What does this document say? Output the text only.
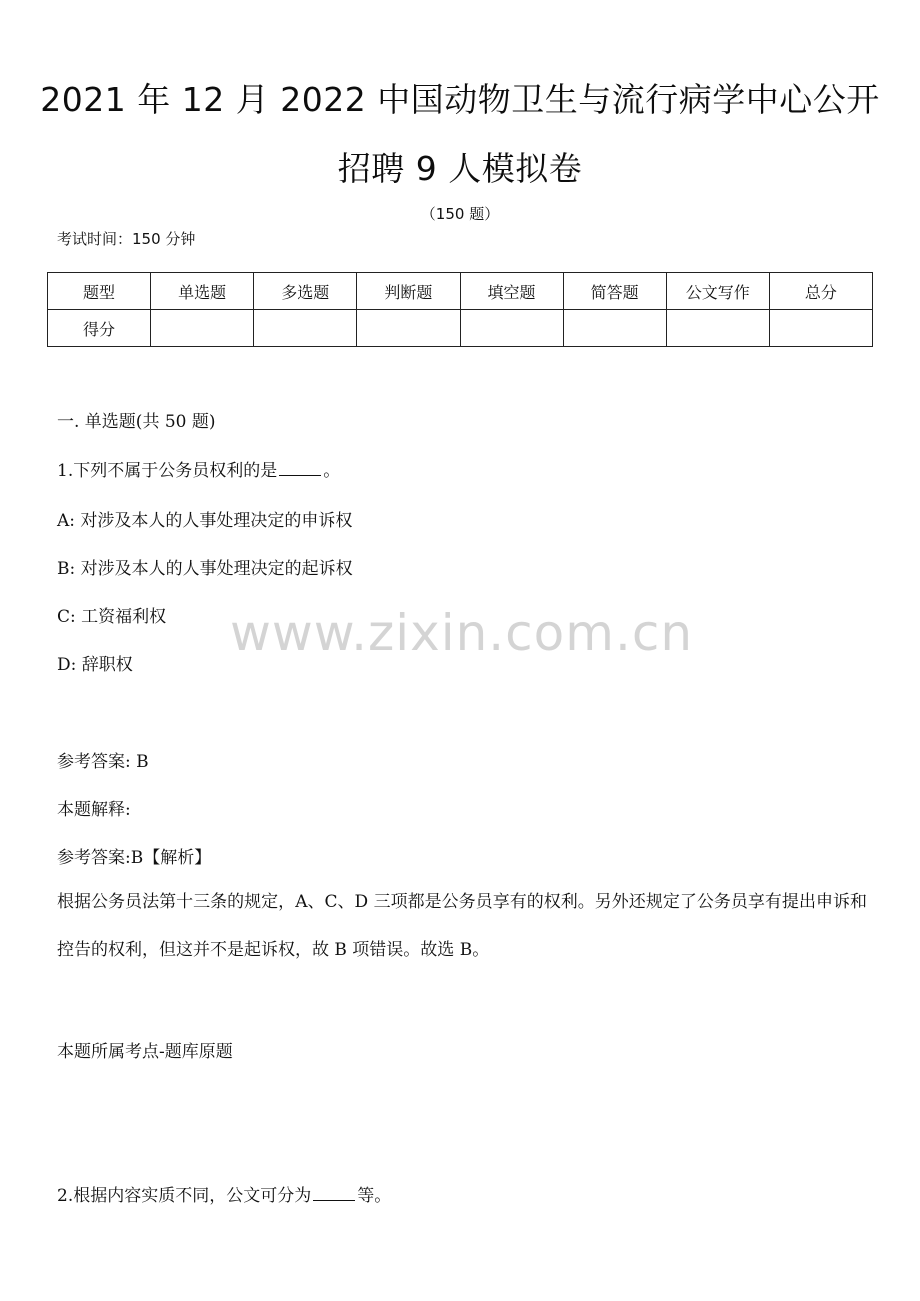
2021 年 12 月 2022 中国动物卫生与流行病学中心公开
招聘 9 人模拟卷
（150 题）
考试时间：150 分钟
题型	单选题	多选题	判断题	填空题	简答题	公文写作	总分
得分							
一. 单选题(共 50 题)
1.下列不属于公务员权利的是	。
A: 对涉及本人的人事处理决定的申诉权
B: 对涉及本人的人事处理决定的起诉权
C: 工资福利权
D: 辞职权
参考答案: B
本题解释:
参考答案:B【解析】
根据公务员法第十三条的规定，A、C、D 三项都是公务员享有的权利。另外还规定了公务员享有提出申诉和控告的权利，但这并不是起诉权，故 B 项错误。故选 B。
本题所属考点-题库原题
2.根据内容实质不同，公文可分为	等。
www.zixin.com.cn
